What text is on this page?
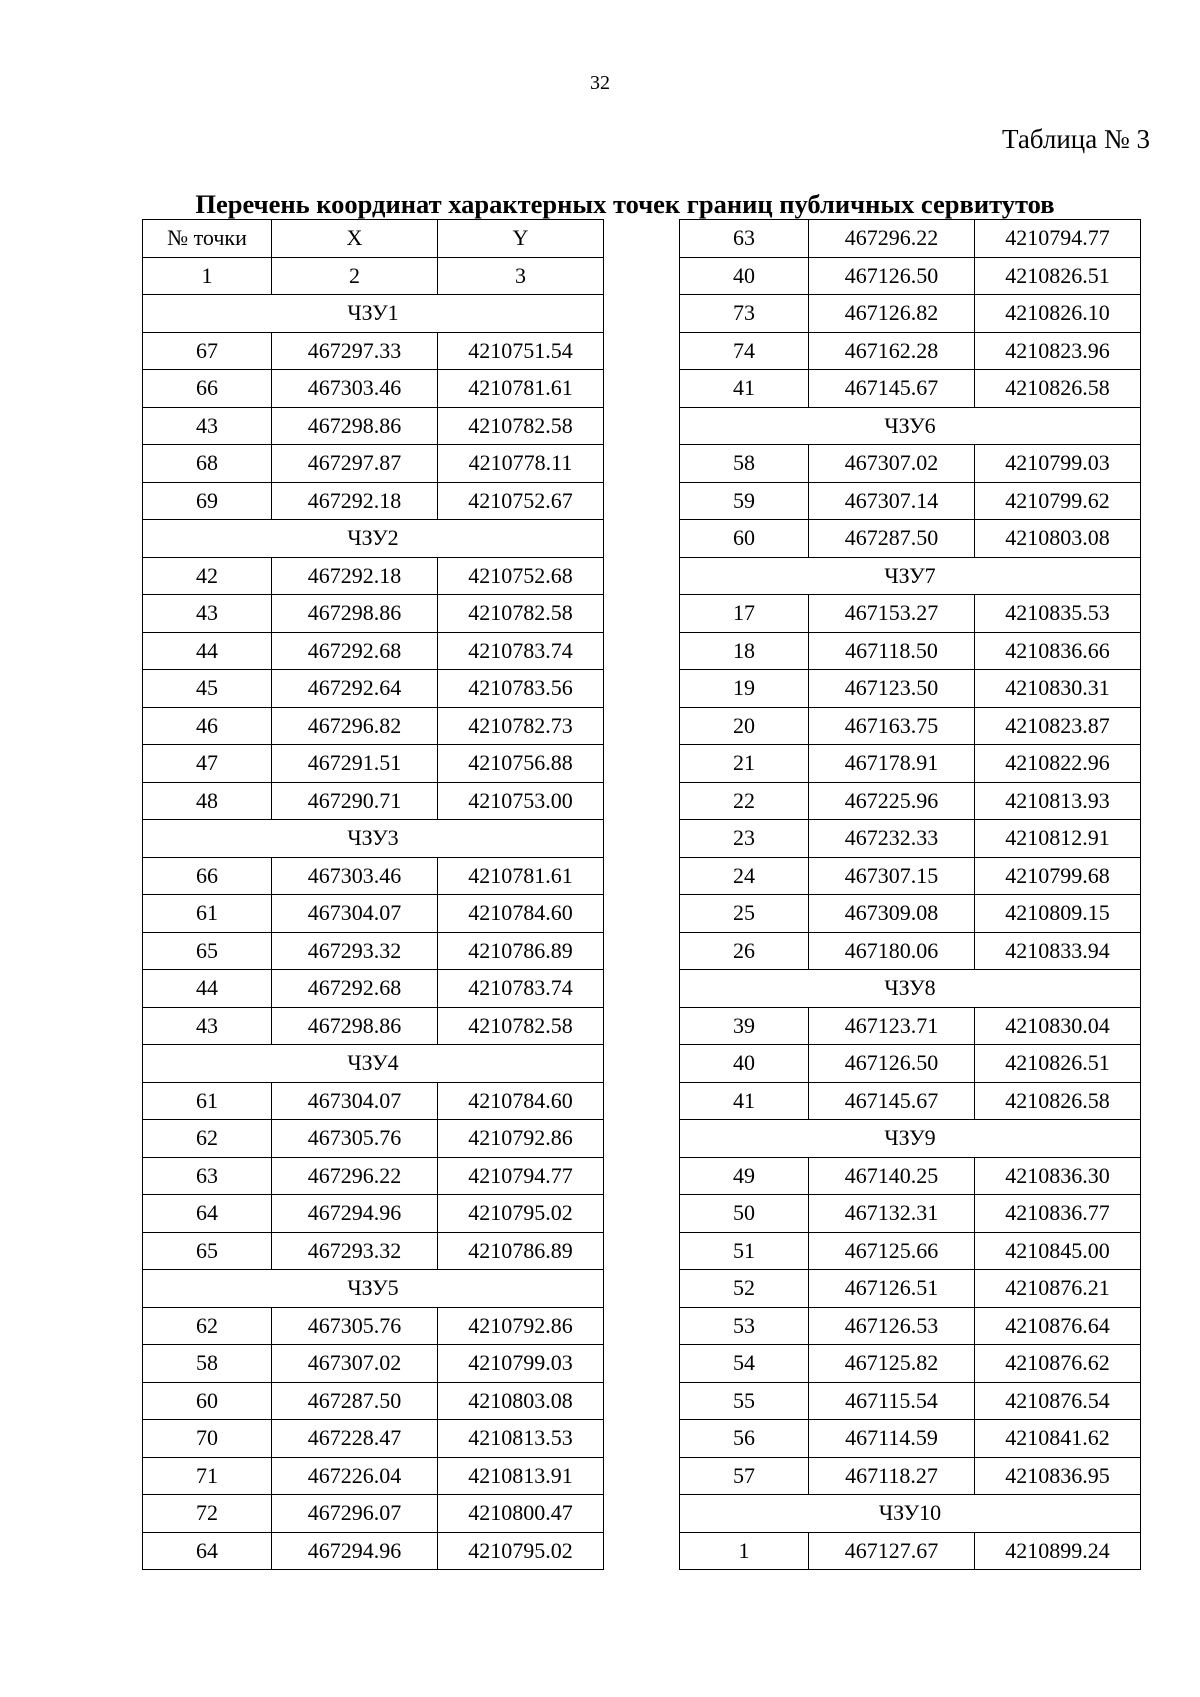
32
Таблица № 3
Перечень координат характерных точек границ публичных сервитутов
№ точки	X	Y
1	2	3
ЧЗУ1		
67	467297.33	4210751.54
66	467303.46	4210781.61
43	467298.86	4210782.58
68	467297.87	4210778.11
69	467292.18	4210752.67
ЧЗУ2		
42	467292.18	4210752.68
43	467298.86	4210782.58
44	467292.68	4210783.74
45	467292.64	4210783.56
46	467296.82	4210782.73
47	467291.51	4210756.88
48	467290.71	4210753.00
ЧЗУ3		
66	467303.46	4210781.61
61	467304.07	4210784.60
65	467293.32	4210786.89
44	467292.68	4210783.74
43	467298.86	4210782.58
ЧЗУ4		
61	467304.07	4210784.60
62	467305.76	4210792.86
63	467296.22	4210794.77
64	467294.96	4210795.02
65	467293.32	4210786.89
ЧЗУ5		
62	467305.76	4210792.86
58	467307.02	4210799.03
60	467287.50	4210803.08
70	467228.47	4210813.53
71	467226.04	4210813.91
72	467296.07	4210800.47
64	467294.96	4210795.02
63	467296.22	4210794.77
40	467126.50	4210826.51
73	467126.82	4210826.10
74	467162.28	4210823.96
41	467145.67	4210826.58
ЧЗУ6		
58	467307.02	4210799.03
59	467307.14	4210799.62
60	467287.50	4210803.08
ЧЗУ7		
17	467153.27	4210835.53
18	467118.50	4210836.66
19	467123.50	4210830.31
20	467163.75	4210823.87
21	467178.91	4210822.96
22	467225.96	4210813.93
23	467232.33	4210812.91
24	467307.15	4210799.68
25	467309.08	4210809.15
26	467180.06	4210833.94
ЧЗУ8		
39	467123.71	4210830.04
40	467126.50	4210826.51
41	467145.67	4210826.58
ЧЗУ9		
49	467140.25	4210836.30
50	467132.31	4210836.77
51	467125.66	4210845.00
52	467126.51	4210876.21
53	467126.53	4210876.64
54	467125.82	4210876.62
55	467115.54	4210876.54
56	467114.59	4210841.62
57	467118.27	4210836.95
ЧЗУ10		
1	467127.67	4210899.24
